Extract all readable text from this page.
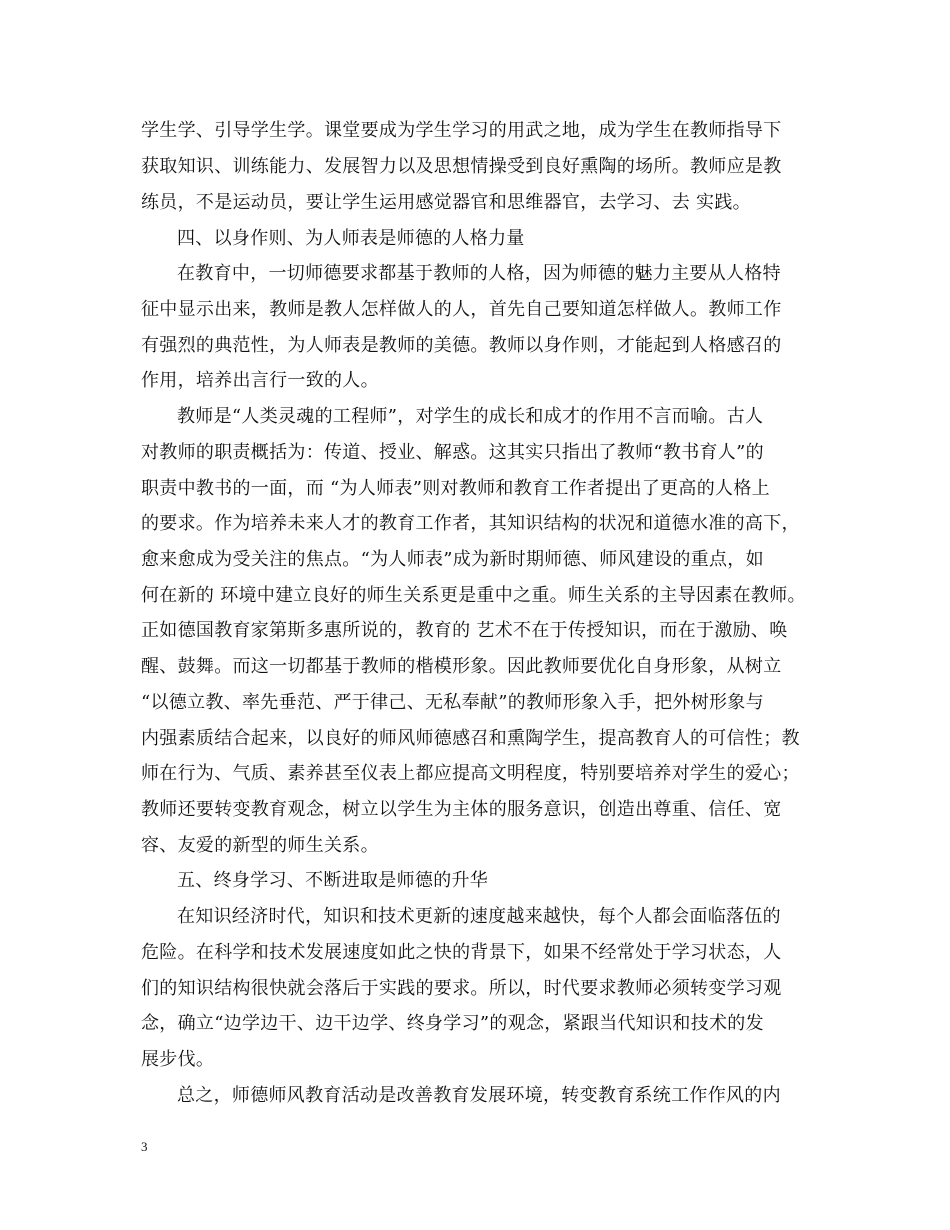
学生学、引导学生学。课堂要成为学生学习的用武之地，成为学生在教师指导下
获取知识、训练能力、发展智力以及思想情操受到良好熏陶的场所。教师应是教
练员，不是运动员，要让学生运用感觉器官和思维器官，去学习、去 实践。
四、以身作则、为人师表是师德的人格力量
在教育中，一切师德要求都基于教师的人格，因为师德的魅力主要从人格特
征中显示出来，教师是教人怎样做人的人，首先自己要知道怎样做人。教师工作
有强烈的典范性，为人师表是教师的美德。教师以身作则，才能起到人格感召的
作用，培养出言行一致的人。
教师是“人类灵魂的工程师”，对学生的成长和成才的作用不言而喻。古人
对教师的职责概括为：传道、授业、解惑。这其实只指出了教师“教书育人”的
职责中教书的一面，而 “为人师表”则对教师和教育工作者提出了更高的人格上
的要求。作为培养未来人才的教育工作者，其知识结构的状况和道德水准的高下，
愈来愈成为受关注的焦点。“为人师表”成为新时期师德、师风建设的重点，如
何在新的 环境中建立良好的师生关系更是重中之重。师生关系的主导因素在教师。
正如德国教育家第斯多惠所说的，教育的 艺术不在于传授知识，而在于激励、唤
醒、鼓舞。而这一切都基于教师的楷模形象。因此教师要优化自身形象，从树立
“以德立教、率先垂范、严于律己、无私奉献”的教师形象入手，把外树形象与
内强素质结合起来，以良好的师风师德感召和熏陶学生，提高教育人的可信性；教
师在行为、气质、素养甚至仪表上都应提高文明程度，特别要培养对学生的爱心；
教师还要转变教育观念，树立以学生为主体的服务意识，创造出尊重、信任、宽
容、友爱的新型的师生关系。
五、终身学习、不断进取是师德的升华
在知识经济时代，知识和技术更新的速度越来越快，每个人都会面临落伍的
危险。在科学和技术发展速度如此之快的背景下，如果不经常处于学习状态，人
们的知识结构很快就会落后于实践的要求。所以，时代要求教师必须转变学习观
念，确立“边学边干、边干边学、终身学习”的观念，紧跟当代知识和技术的发
展步伐。
总之，师德师风教育活动是改善教育发展环境，转变教育系统工作作风的内
3
